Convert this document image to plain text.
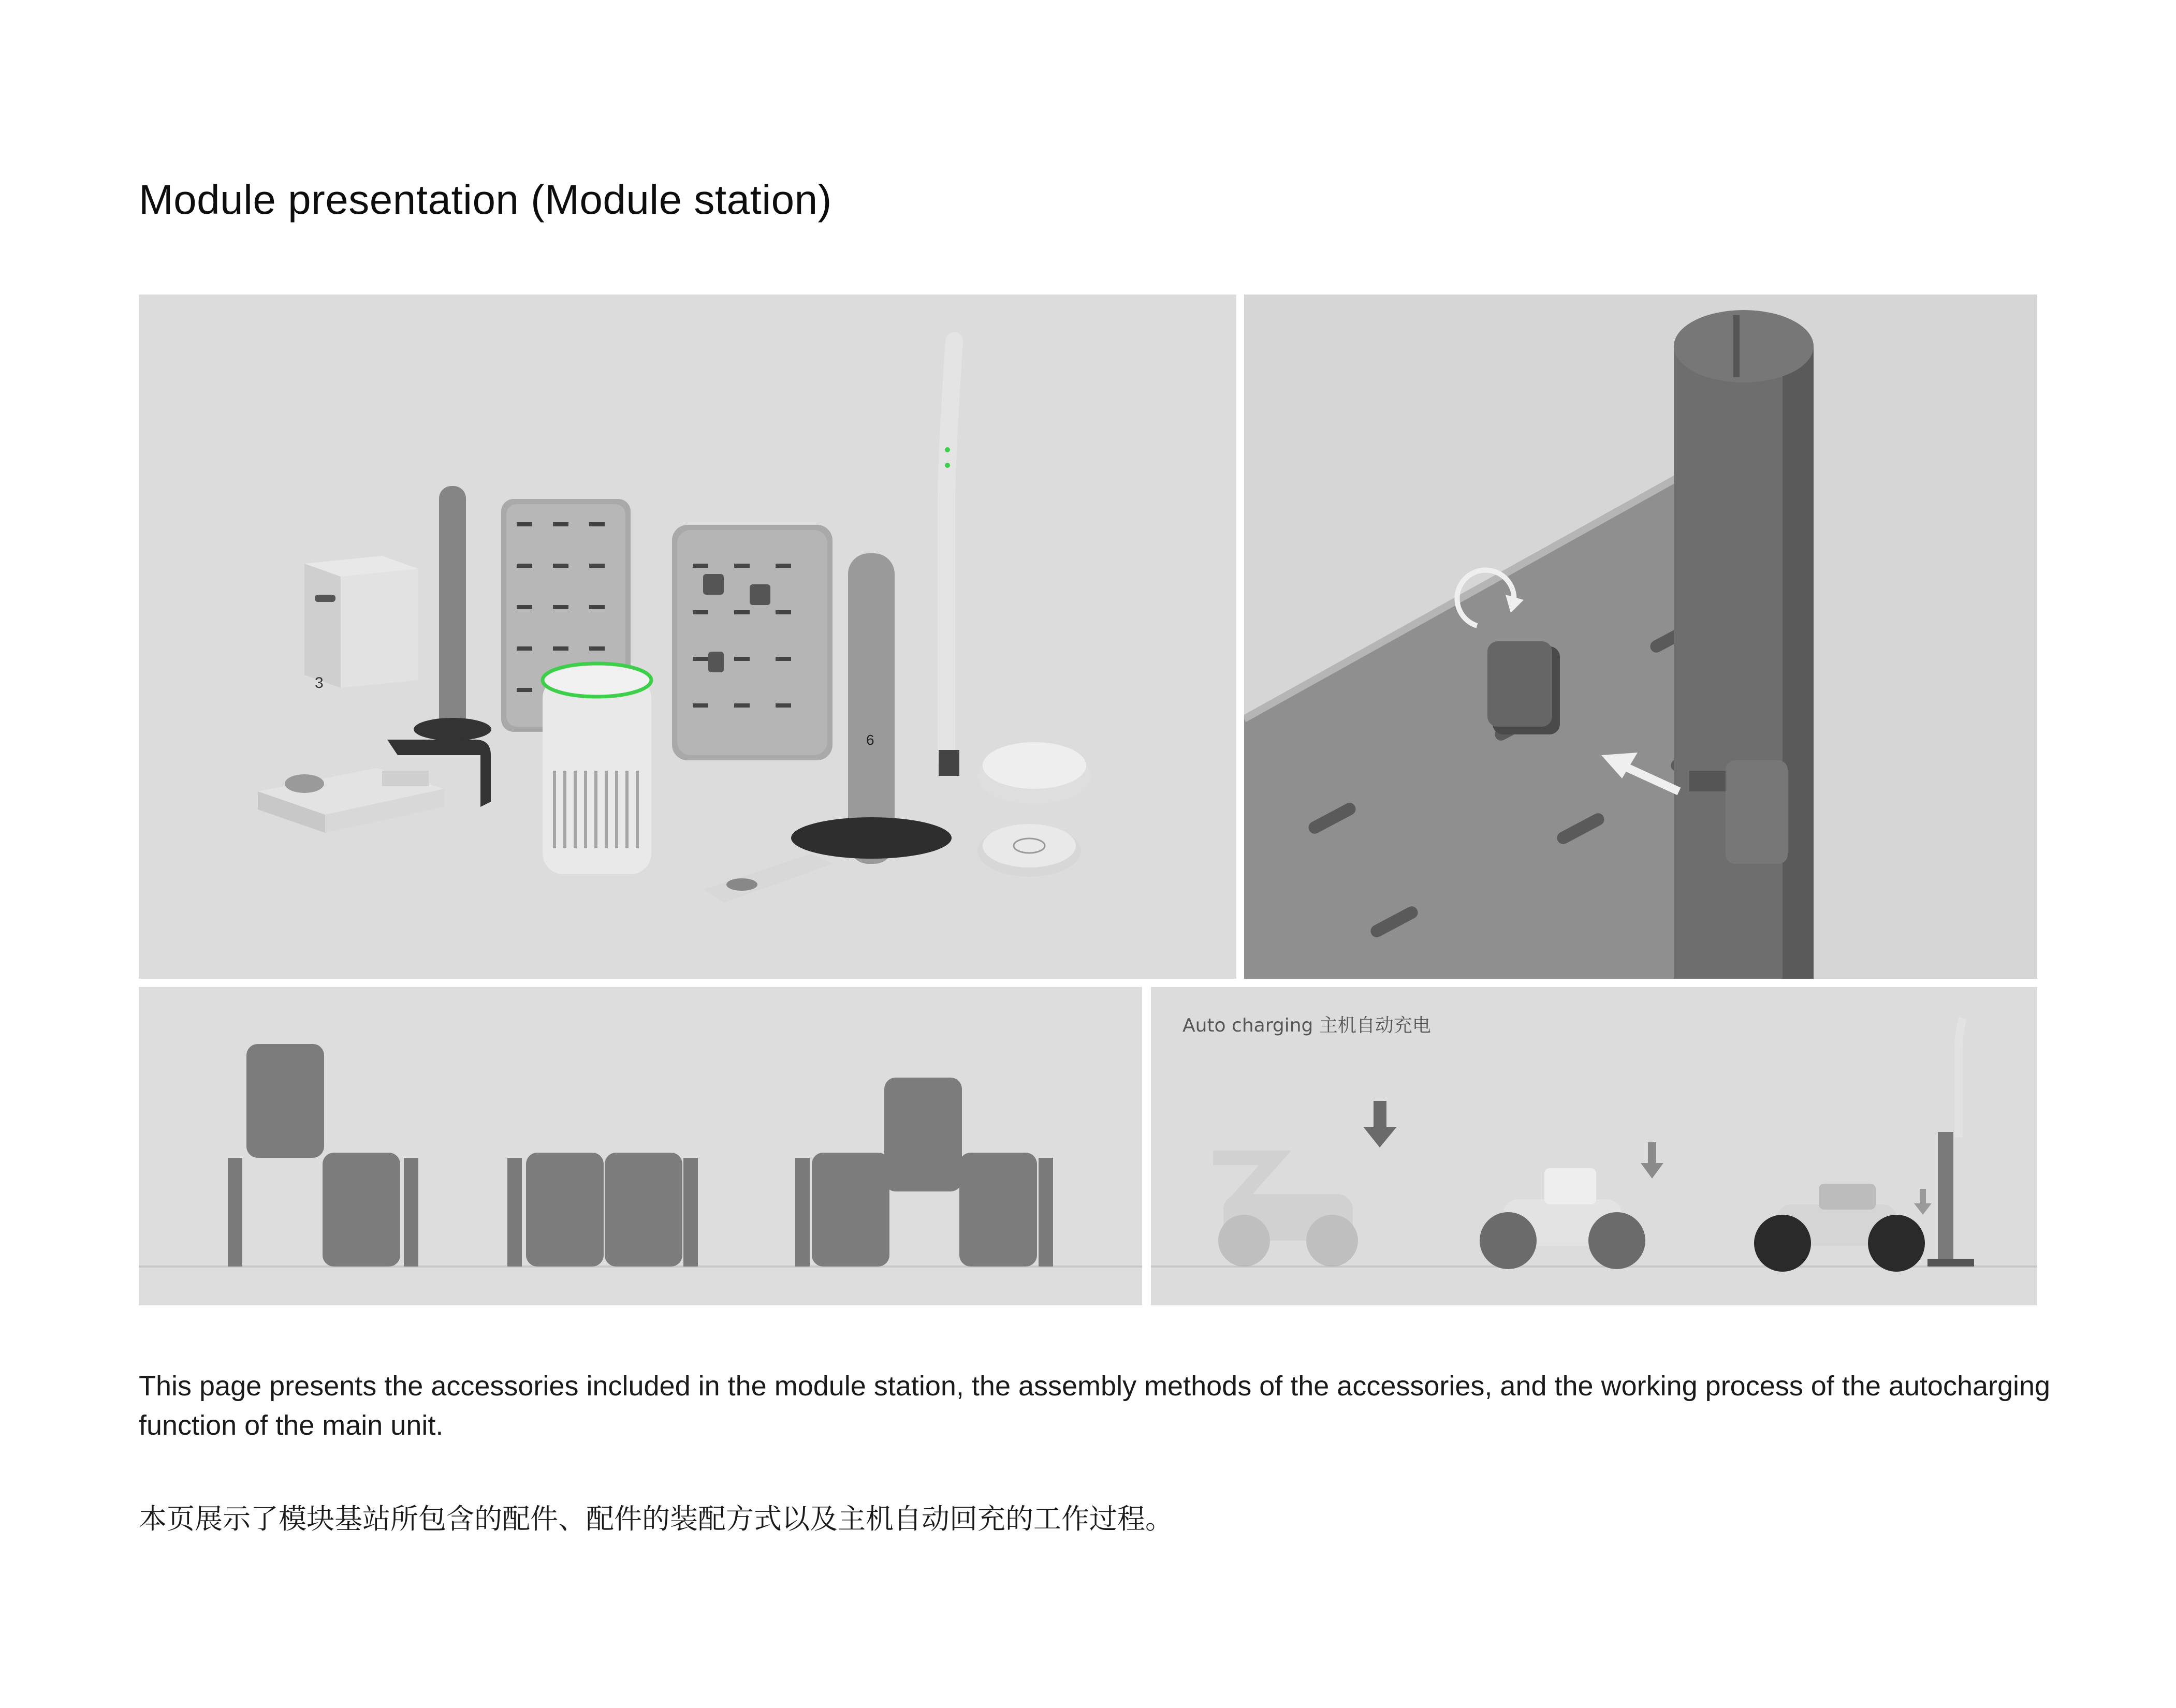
Module presentation (Module station)
3
6
Auto charging 主机自动充电
This page presents the accessories included in the module station, the assembly methods of the accessories, and the working process of the autocharging function of the main unit.
本页展示了模块基站所包含的配件、配件的装配方式以及主机自动回充的工作过程。
